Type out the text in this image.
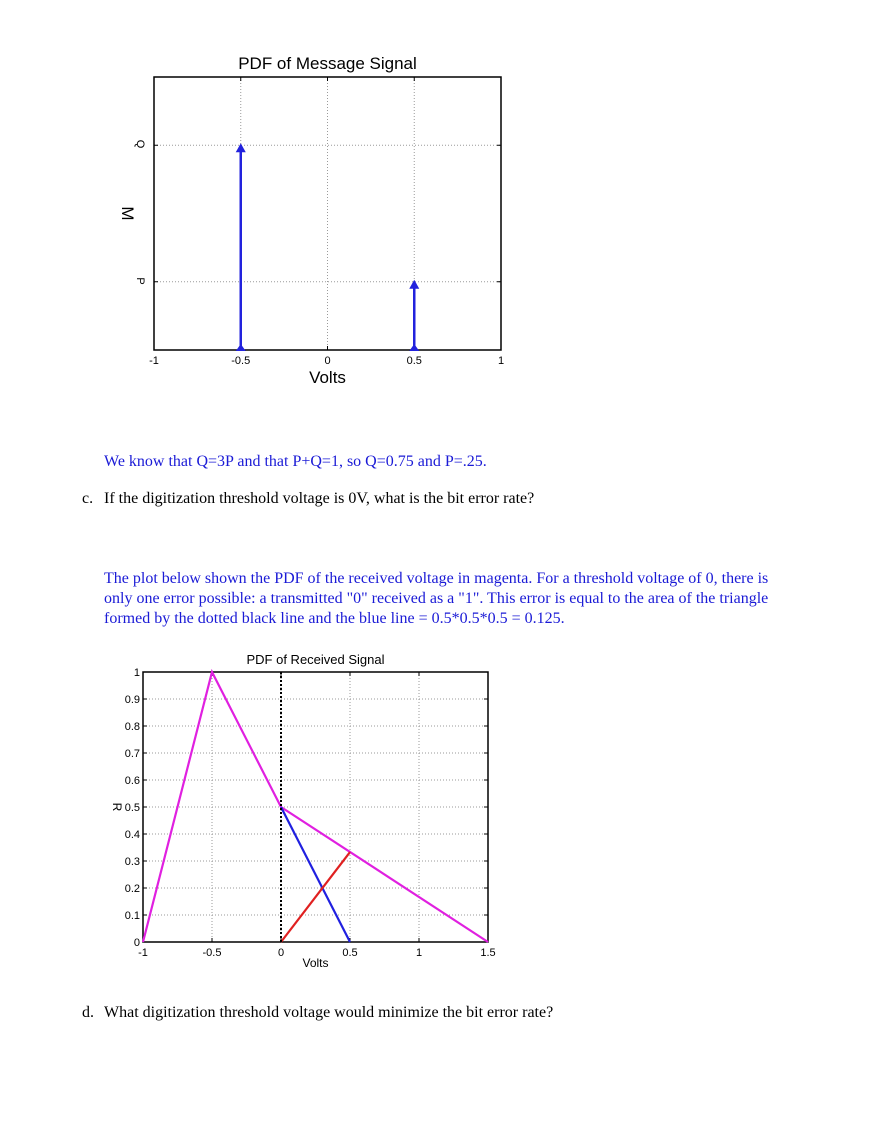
-1	-0.5	0	0.5	1
P
Q
PDF of Message Signal
Volts
M
-1	-0.5	0	0.5	1	1.5
0
0.1
0.2
0.3
0.4
0.5
0.6
0.7
0.8
0.9
1
PDF of Received Signal
Volts
R

We know that Q=3P and that P+Q=1, so Q=0.75 and P=.25.

c. If the digitization threshold voltage is 0V, what is the bit error rate?

The plot below shown the PDF of the received voltage in magenta. For a threshold voltage of 0, there is

only one error possible: a transmitted "0" received as a "1". This error is equal to the area of the triangle

formed by the dotted black line and the blue line = 0.5*0.5*0.5 = 0.125.

d. What digitization threshold voltage would minimize the bit error rate?
